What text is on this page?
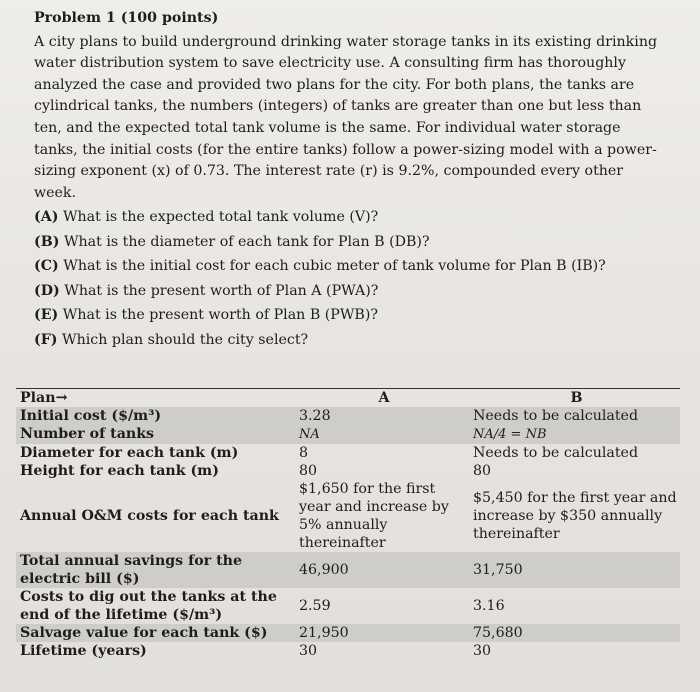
Problem 1 (100 points)

A city plans to build underground drinking water storage tanks in its existing drinking water distribution system to save electricity use. A consulting firm has thoroughly analyzed the case and provided two plans for the city. For both plans, the tanks are cylindrical tanks, the numbers (integers) of tanks are greater than one but less than ten, and the expected total tank volume is the same. For individual water storage tanks, the initial costs (for the entire tanks) follow a power-sizing model with a power-sizing exponent (x) of 0.73. The interest rate (r) is 9.2%, compounded every other week.

(A) What is the expected total tank volume (V)?

(B) What is the diameter of each tank for Plan B (DB)?

(C) What is the initial cost for each cubic meter of tank volume for Plan B (IB)?

(D) What is the present worth of Plan A (PWA)?

(E) What is the present worth of Plan B (PWB)?

(F) Which plan should the city select?

Plan→	A	B
Initial cost ($/m³)	3.28	Needs to be calculated
Number of tanks	NA	NA/4 = NB
Diameter for each tank (m)	8	Needs to be calculated
Height for each tank (m)	80	80
Annual O&M costs for each tank	$1,650 for the first year and increase by 5% annually thereinafter	$5,450 for the first year and increase by $350 annually thereinafter
Total annual savings for the electric bill ($)	46,900	31,750
Costs to dig out the tanks at the end of the lifetime ($/m³)	2.59	3.16
Salvage value for each tank ($)	21,950	75,680
Lifetime (years)	30	30
